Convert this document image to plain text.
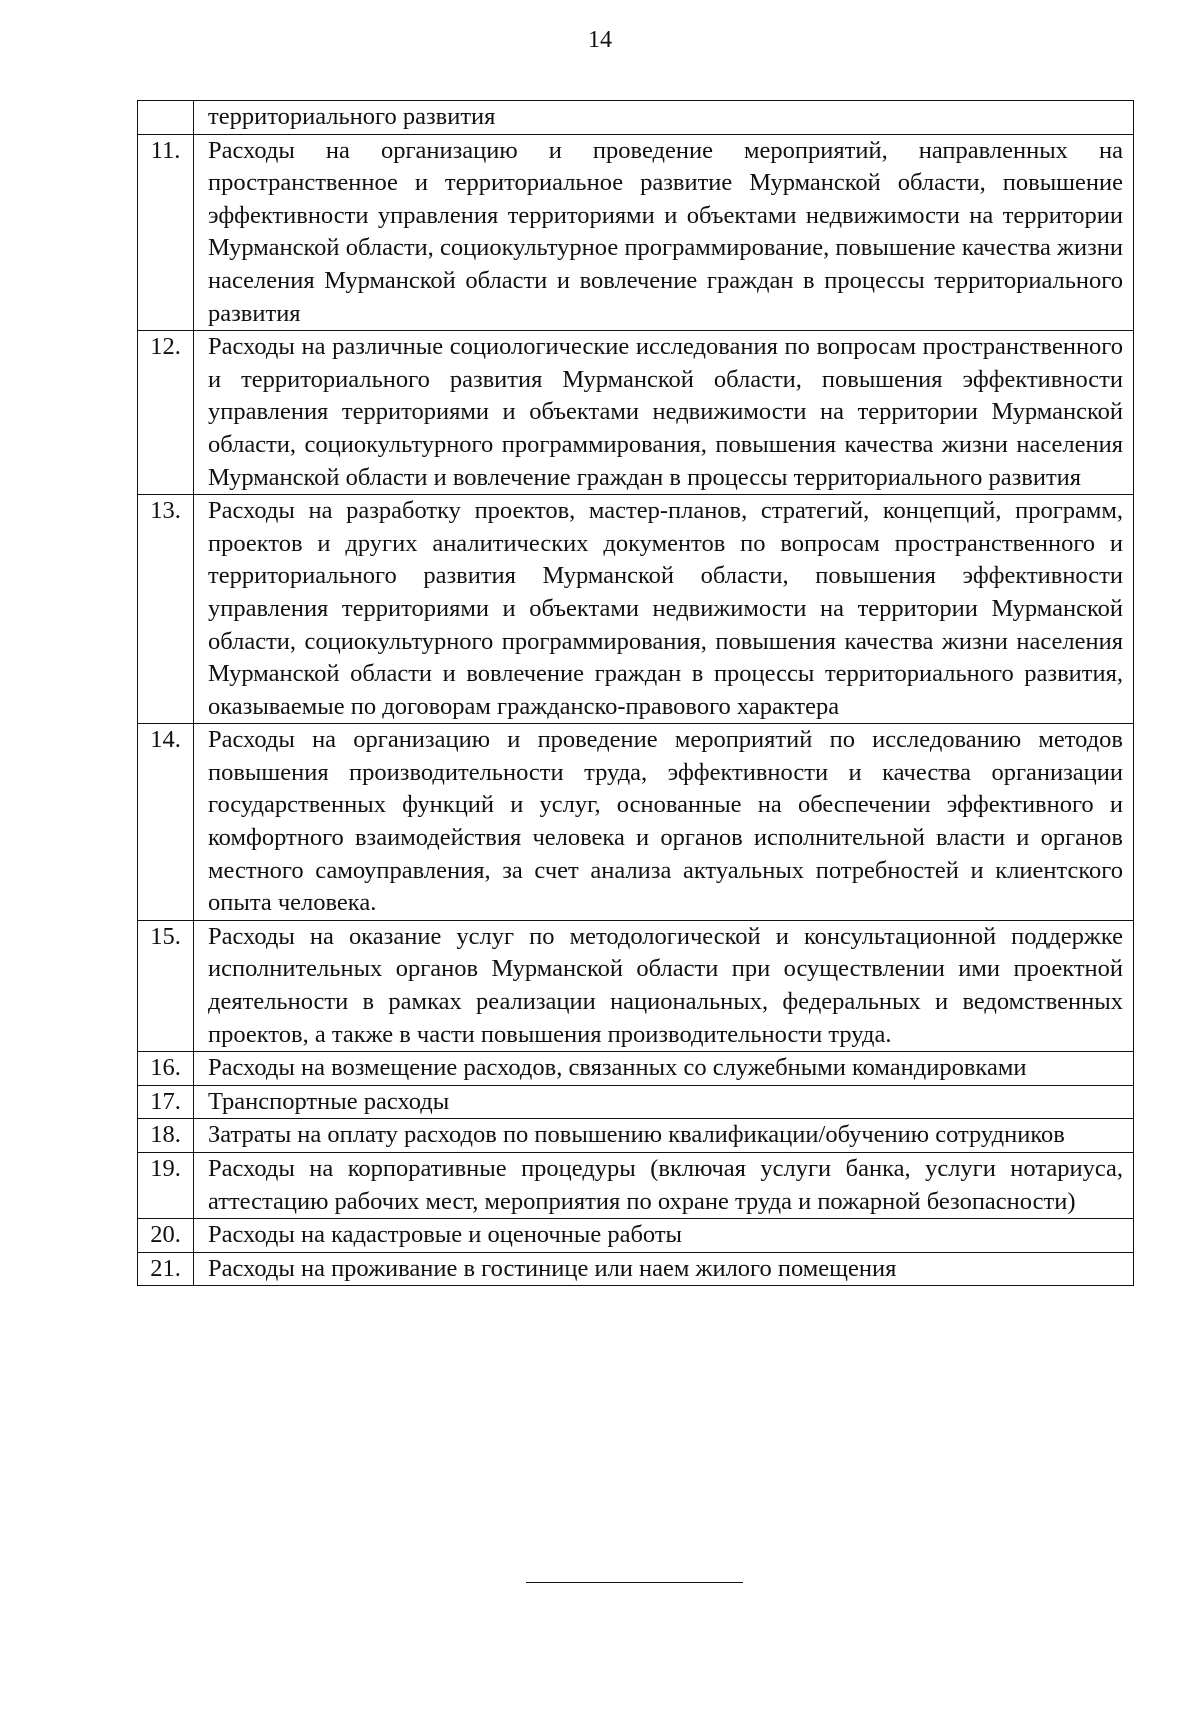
14
	территориального развития
11.	Расходы на организацию и проведение мероприятий, направленных на пространственное и территориальное развитие Мурманской области, повышение эффективности управления территориями и объектами недвижимости на территории Мурманской области, социокультурное программирование, повышение качества жизни населения Мурманской области и вовлечение граждан в процессы территориального развития
12.	Расходы на различные социологические исследования по вопросам пространственного и территориального развития Мурманской области, повышения эффективности управления территориями и объектами недвижимости на территории Мурманской области, социокультурного программирования, повышения качества жизни населения Мурманской области и вовлечение граждан в процессы территориального развития
13.	Расходы на разработку проектов, мастер-планов, стратегий, концепций, программ, проектов и других аналитических документов по вопросам пространственного и территориального развития Мурманской области, повышения эффективности управления территориями и объектами недвижимости на территории Мурманской области, социокультурного программирования, повышения качества жизни населения Мурманской области и вовлечение граждан в процессы территориального развития, оказываемые по договорам гражданско-правового характера
14.	Расходы на организацию и проведение мероприятий по исследованию методов повышения производительности труда, эффективности и качества организации государственных функций и услуг, основанные на обеспечении эффективного и комфортного взаимодействия человека и органов исполнительной власти и органов местного самоуправления, за счет анализа актуальных потребностей и клиентского опыта человека.
15.	Расходы на оказание услуг по методологической и консультационной поддержке исполнительных органов Мурманской области при осуществлении ими проектной деятельности в рамках реализации национальных, федеральных и ведомственных проектов, а также в части повышения производительности труда.
16.	Расходы на возмещение расходов, связанных со служебными командировками
17.	Транспортные расходы
18.	Затраты на оплату расходов по повышению квалификации/обучению сотрудников
19.	Расходы на корпоративные процедуры (включая услуги банка, услуги нотариуса, аттестацию рабочих мест, мероприятия по охране труда и пожарной безопасности)
20.	Расходы на кадастровые и оценочные работы
21.	Расходы на проживание в гостинице или наем жилого помещения
